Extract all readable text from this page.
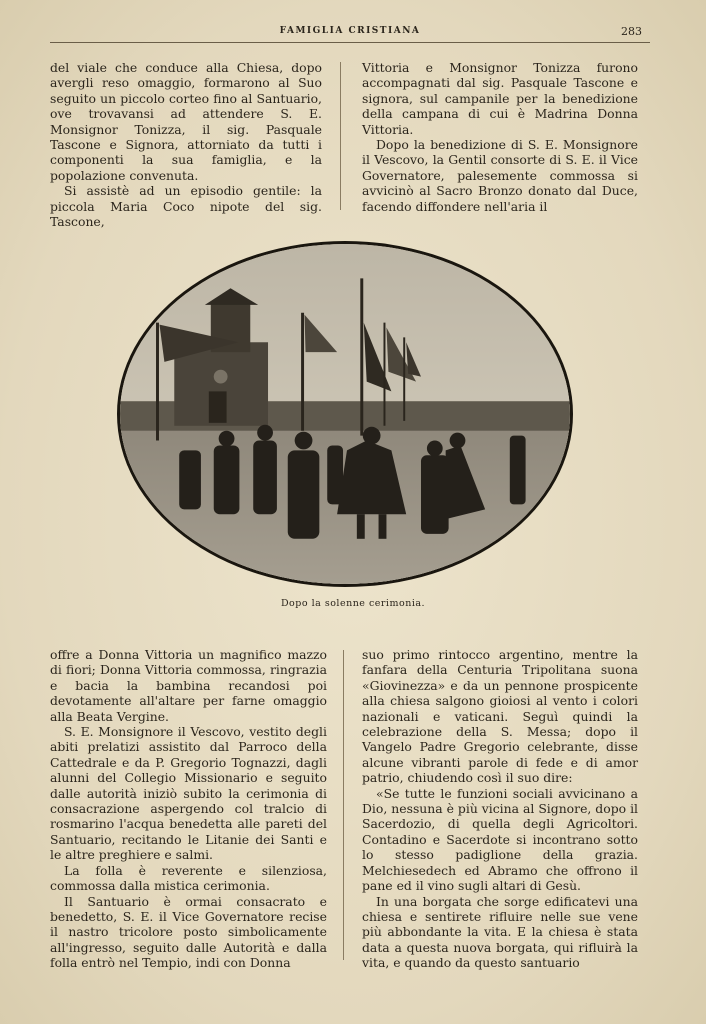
FAMIGLIA CRISTIANA	283

del viale che conduce alla Chiesa, dopo avergli reso omaggio, formarono al Suo seguito un piccolo corteo fino al Santuario, ove trovavansi ad attendere S. E. Monsignor Tonizza, il sig. Pasquale Tascone e Signora, attorniato da tutti i componenti la sua famiglia, e la popolazione convenuta.

Si assistè ad un episodio gentile: la piccola Maria Coco nipote del sig. Tascone,

Vittoria e Monsignor Tonizza furono accompagnati dal sig. Pasquale Tascone e signora, sul campanile per la benedizione della campana di cui è Madrina Donna Vittoria.

Dopo la benedizione di S. E. Monsignore il Vescovo, la Gentil consorte di S. E. il Vice Governatore, palesemente commossa si avvicinò al Sacro Bronzo donato dal Duce, facendo diffondere nell'aria il

Dopo la solenne cerimonia.

offre a Donna Vittoria un magnifico mazzo di fiori; Donna Vittoria commossa, ringrazia e bacia la bambina recandosi poi devotamente all'altare per farne omaggio alla Beata Vergine.

S. E. Monsignore il Vescovo, vestito degli abiti prelatizi assistito dal Parroco della Cattedrale e da P. Gregorio Tognazzi, dagli alunni del Collegio Missionario e seguito dalle autorità iniziò subito la cerimonia di consacrazione aspergendo col tralcio di rosmarino l'acqua benedetta alle pareti del Santuario, recitando le Litanie dei Santi e le altre preghiere e salmi.

La folla è reverente e silenziosa, commossa dalla mistica cerimonia.

Il Santuario è ormai consacrato e benedetto, S. E. il Vice Governatore recise il nastro tricolore posto simbolicamente all'ingresso, seguito dalle Autorità e dalla folla entrò nel Tempio, indi con Donna

suo primo rintocco argentino, mentre la fanfara della Centuria Tripolitana suona «Giovinezza» e da un pennone prospicente alla chiesa salgono gioiosi al vento i colori nazionali e vaticani. Seguì quindi la celebrazione della S. Messa; dopo il Vangelo Padre Gregorio celebrante, disse alcune vibranti parole di fede e di amor patrio, chiudendo così il suo dire:

«Se tutte le funzioni sociali avvicinano a Dio, nessuna è più vicina al Signore, dopo il Sacerdozio, di quella degli Agricoltori. Contadino e Sacerdote si incontrano sotto lo stesso padiglione della grazia. Melchiesedech ed Abramo che offrono il pane ed il vino sugli altari di Gesù.

In una borgata che sorge edificatevi una chiesa e sentirete rifluire nelle sue vene più abbondante la vita. E la chiesa è stata data a questa nuova borgata, qui rifluirà la vita, e quando da questo santuario
